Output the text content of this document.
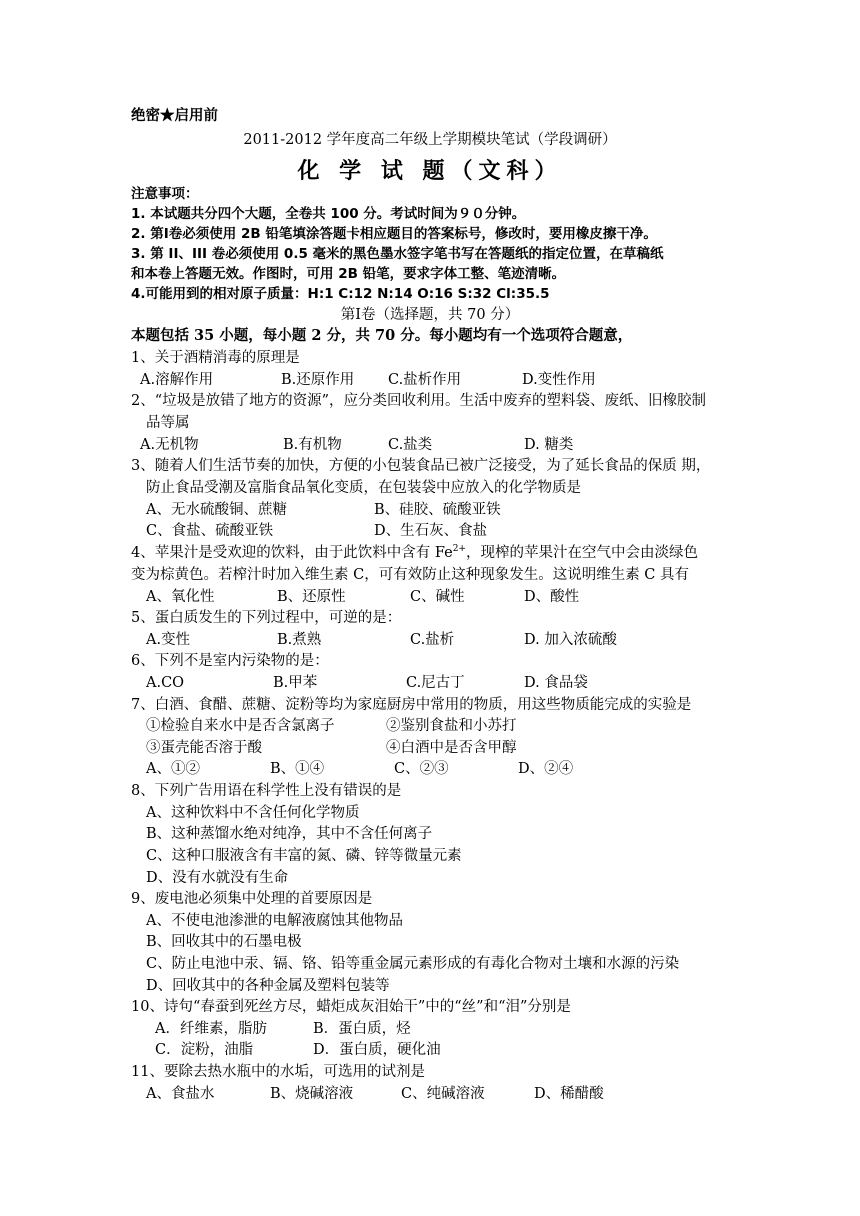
绝密★启用前
2011-2012 学年度高二年级上学期模块笔试（学段调研）
化 学 试 题（文科）
注意事项：
1. 本试题共分四个大题，全卷共 100 分。考试时间为９０分钟。
2. 第Ⅰ卷必须使用 2B 铅笔填涂答题卡相应题目的答案标号，修改时，要用橡皮擦干净。
3. 第 II、III 卷必须使用 0.5 毫米的黑色墨水签字笔书写在答题纸的指定位置，在草稿纸
和本卷上答题无效。作图时，可用 2B 铅笔，要求字体工整、笔迹清晰。
4.可能用到的相对原子质量：H:1 C:12 N:14 O:16 S:32 Cl:35.5
第Ⅰ卷（选择题，共 70 分）
本题包括 35 小题，每小题 2 分，共 70 分。每小题均有一个选项符合题意，
1、关于酒精消毒的原理是
A.溶解作用	B.还原作用 C.盐析作用	D.变性作用
2、“垃圾是放错了地方的资源”，应分类回收利用。生活中废弃的塑料袋、废纸、旧橡胶制
品等属
A.无机物	B.有机物	C.盐类	D. 糖类
3、随着人们生活节奏的加快，方便的小包装食品已被广泛接受，为了延长食品的保质 期，
防止食品受潮及富脂食品氧化变质，在包装袋中应放入的化学物质是
A、无水硫酸铜、蔗糖	B、硅胶、硫酸亚铁
C、食盐、硫酸亚铁	D、生石灰、食盐
4、苹果汁是受欢迎的饮料，由于此饮料中含有 $Fe^{2+}$，现榨的苹果汁在空气中会由淡绿色
变为棕黄色。若榨汁时加入维生素 C，可有效防止这种现象发生。这说明维生素 C 具有
A、氧化性	B、还原性	C、碱性	D、酸性
5、蛋白质发生的下列过程中，可逆的是：
A.变性	B.煮熟	C.盐析	D. 加入浓硫酸
6、下列不是室内污染物的是：
A.CO	B.甲苯	C.尼古丁	D. 食品袋
7、白酒、食醋、蔗糖、淀粉等均为家庭厨房中常用的物质，用这些物质能完成的实验是
①检验自来水中是否含氯离子	②鉴别食盐和小苏打
③蛋壳能否溶于酸	④白酒中是否含甲醇
A、①②	B、①④	C、②③	D、②④
8、下列广告用语在科学性上没有错误的是
A、这种饮料中不含任何化学物质
B、这种蒸馏水绝对纯净，其中不含任何离子
C、这种口服液含有丰富的氮、磷、锌等微量元素
D、没有水就没有生命
9、废电池必须集中处理的首要原因是
A、不使电池渗泄的电解液腐蚀其他物品
B、回收其中的石墨电极
C、防止电池中汞、镉、铬、铅等重金属元素形成的有毒化合物对土壤和水源的污染
D、回收其中的各种金属及塑料包装等
10、诗句“春蚕到死丝方尽，蜡炬成灰泪始干”中的“丝”和“泪”分别是
A．纤维素，脂肪	B．蛋白质，烃
C．淀粉，油脂	D．蛋白质，硬化油
11、要除去热水瓶中的水垢，可选用的试剂是
A、食盐水	B、烧碱溶液	C、纯碱溶液	D、稀醋酸
